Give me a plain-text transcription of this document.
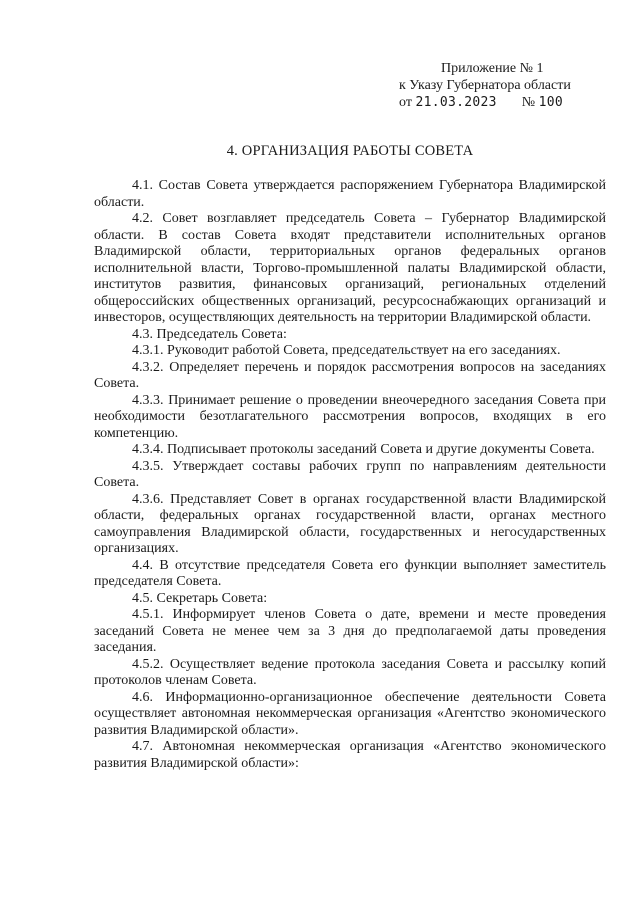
Приложение № 1
к Указу Губернатора области
от 21.03.2023 № 100
4. ОРГАНИЗАЦИЯ РАБОТЫ СОВЕТА

4.1. Состав Совета утверждается распоряжением Губернатора Владимирской области.

4.2. Совет возглавляет председатель Совета – Губернатор Владимирской области. В состав Совета входят представители исполнительных органов Владимирской области, территориальных органов федеральных органов исполнительной власти, Торгово-промышленной палаты Владимирской области, институтов развития, финансовых организаций, региональных отделений общероссийских общественных организаций, ресурсоснабжающих организаций и инвесторов, осуществляющих деятельность на территории Владимирской области.

4.3. Председатель Совета:

4.3.1. Руководит работой Совета, председательствует на его заседаниях.

4.3.2. Определяет перечень и порядок рассмотрения вопросов на заседаниях Совета.

4.3.3. Принимает решение о проведении внеочередного заседания Совета при необходимости безотлагательного рассмотрения вопросов, входящих в его компетенцию.

4.3.4. Подписывает протоколы заседаний Совета и другие документы Совета.

4.3.5. Утверждает составы рабочих групп по направлениям деятельности Совета.

4.3.6. Представляет Совет в органах государственной власти Владимирской области, федеральных органах государственной власти, органах местного самоуправления Владимирской области, государственных и негосударственных организациях.

4.4. В отсутствие председателя Совета его функции выполняет заместитель председателя Совета.

4.5. Секретарь Совета:

4.5.1. Информирует членов Совета о дате, времени и месте проведения заседаний Совета не менее чем за 3 дня до предполагаемой даты проведения заседания.

4.5.2. Осуществляет ведение протокола заседания Совета и рассылку копий протоколов членам Совета.

4.6. Информационно-организационное обеспечение деятельности Совета осуществляет автономная некоммерческая организация «Агентство экономического развития Владимирской области».

4.7. Автономная некоммерческая организация «Агентство экономического развития Владимирской области»:
